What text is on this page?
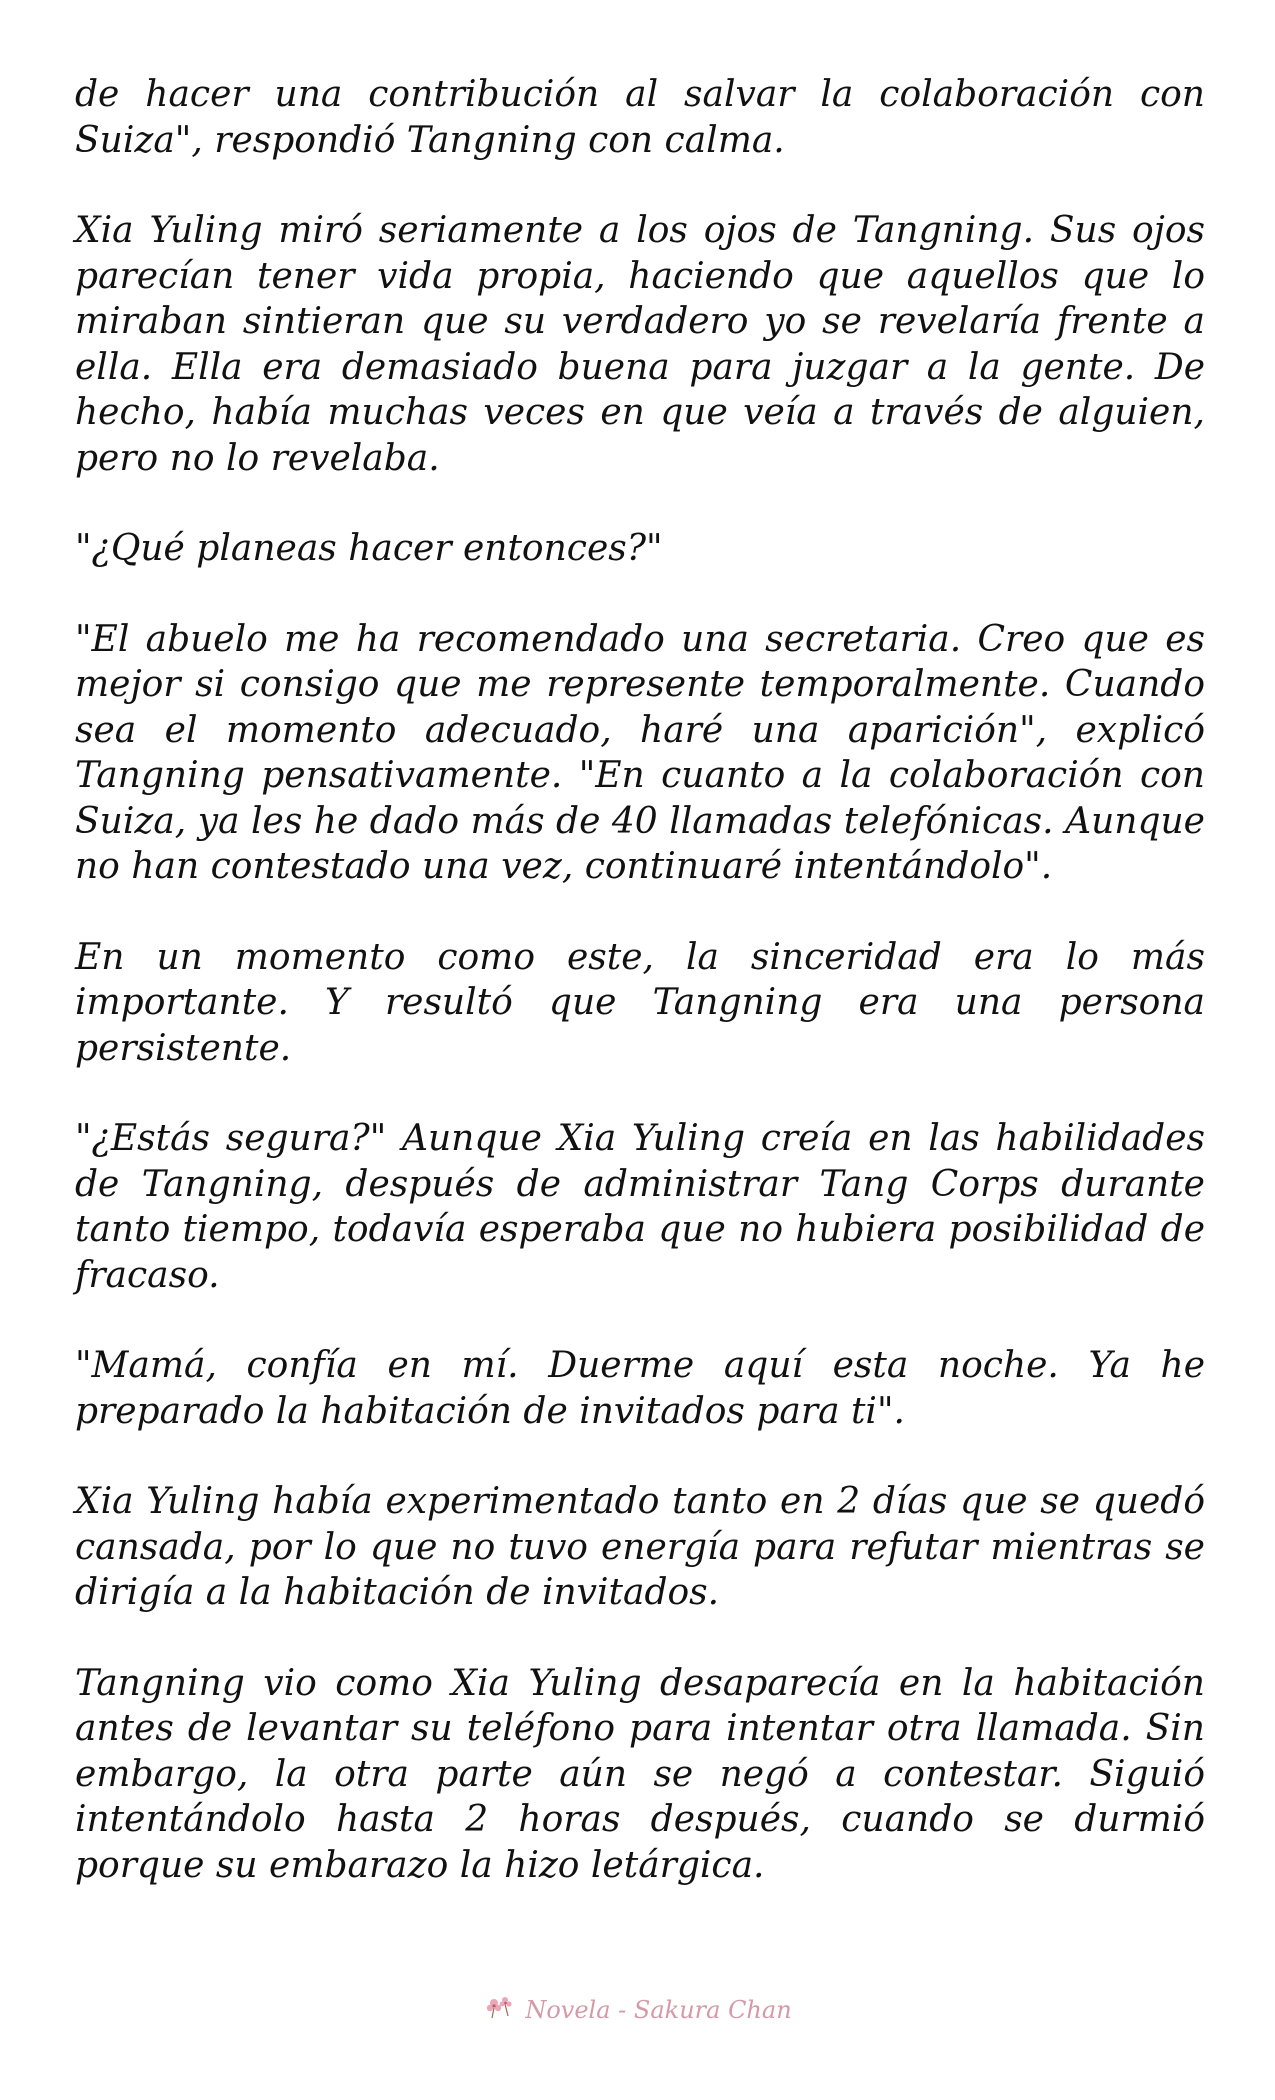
de hacer una contribución al salvar la colaboración con Suiza", respondió Tangning con calma.

Xia Yuling miró seriamente a los ojos de Tangning. Sus ojos parecían tener vida propia, haciendo que aquellos que lo miraban sintieran que su verdadero yo se revelaría frente a ella. Ella era demasiado buena para juzgar a la gente. De hecho, había muchas veces en que veía a través de alguien, pero no lo revelaba.

"¿Qué planeas hacer entonces?"

"El abuelo me ha recomendado una secretaria. Creo que es mejor si consigo que me represente temporalmente. Cuando sea el momento adecuado, haré una aparición", explicó Tangning pensativamente. "En cuanto a la colaboración con Suiza, ya les he dado más de 40 llamadas telefónicas. Aunque no han contestado una vez, continuaré intentándolo".

En un momento como este, la sinceridad era lo más importante. Y resultó que Tangning era una persona persistente.

"¿Estás segura?" Aunque Xia Yuling creía en las habilidades de Tangning, después de administrar Tang Corps durante tanto tiempo, todavía esperaba que no hubiera posibilidad de fracaso.

"Mamá, confía en mí. Duerme aquí esta noche. Ya he preparado la habitación de invitados para ti".

Xia Yuling había experimentado tanto en 2 días que se quedó cansada, por lo que no tuvo energía para refutar mientras se dirigía a la habitación de invitados.

Tangning vio como Xia Yuling desaparecía en la habitación antes de levantar su teléfono para intentar otra llamada. Sin embargo, la otra parte aún se negó a contestar. Siguió intentándolo hasta 2 horas después, cuando se durmió porque su embarazo la hizo letárgica.

Novela - Sakura Chan
